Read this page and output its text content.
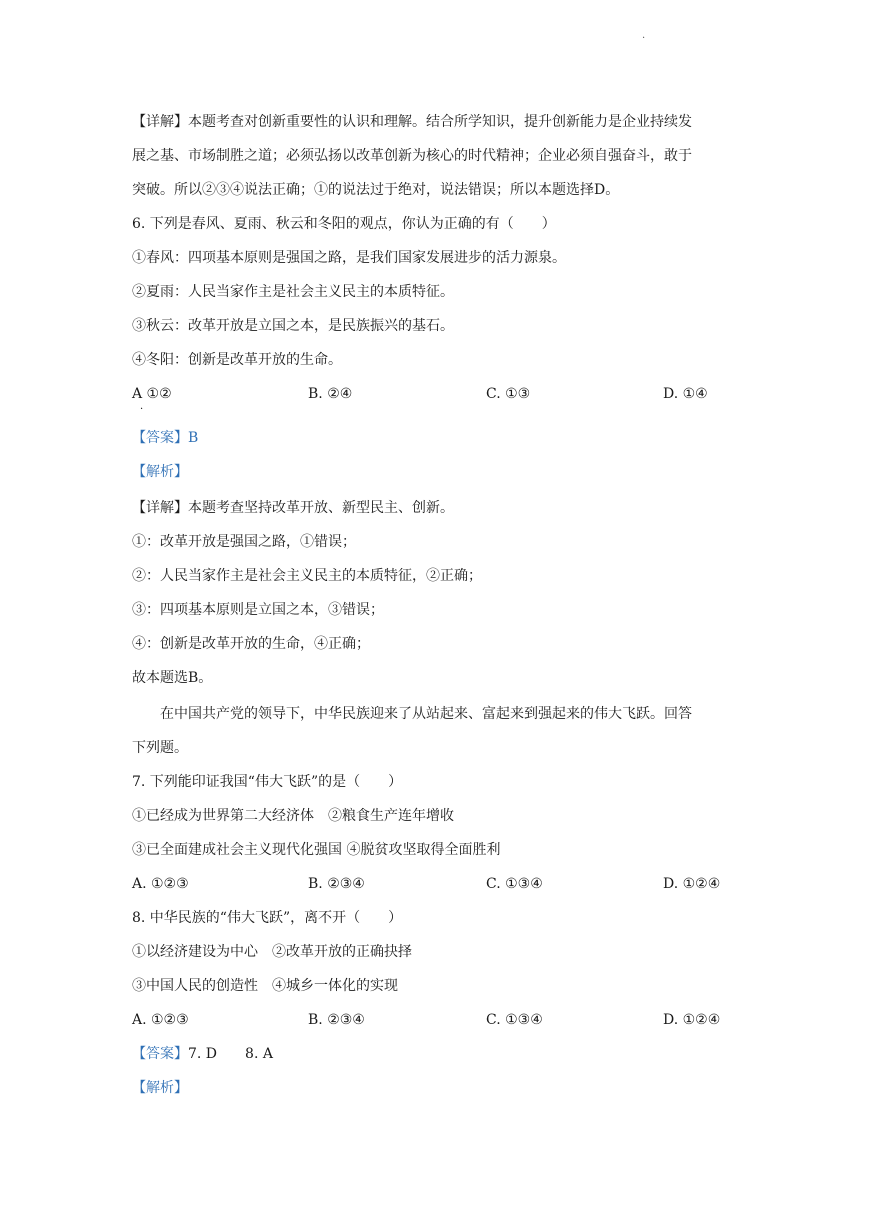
.
【详解】本题考查对创新重要性的认识和理解。结合所学知识，提升创新能力是企业持续发
展之基、市场制胜之道；必须弘扬以改革创新为核心的时代精神；企业必须自强奋斗，敢于
突破。所以②③④说法正确；①的说法过于绝对，说法错误；所以本题选择D。
6. 下列是春风、夏雨、秋云和冬阳的观点，你认为正确的有（　　）
①春风：四项基本原则是强国之路，是我们国家发展进步的活力源泉。
②夏雨：人民当家作主是社会主义民主的本质特征。
③秋云：改革开放是立国之本，是民族振兴的基石。
④冬阳：创新是改革开放的生命。
A ①②	B. ②④	C. ①③	D. ①④
·
【答案】B
【解析】
【详解】本题考查坚持改革开放、新型民主、创新。
①：改革开放是强国之路，①错误；
②：人民当家作主是社会主义民主的本质特征，②正确；
③：四项基本原则是立国之本，③错误；
④：创新是改革开放的生命，④正确；
故本题选B。
在中国共产党的领导下，中华民族迎来了从站起来、富起来到强起来的伟大飞跃。回答
下列题。
7. 下列能印证我国“伟大飞跃”的是（　　）
①已经成为世界第二大经济体　②粮食生产连年增收
③已全面建成社会主义现代化强国 ④脱贫攻坚取得全面胜利
A. ①②③	B. ②③④	C. ①③④	D. ①②④
8. 中华民族的“伟大飞跃”，离不开（　　）
①以经济建设为中心　②改革开放的正确抉择
③中国人民的创造性　④城乡一体化的实现
A. ①②③	B. ②③④	C. ①③④	D. ①②④
【答案】7. D　　8. A
【解析】
